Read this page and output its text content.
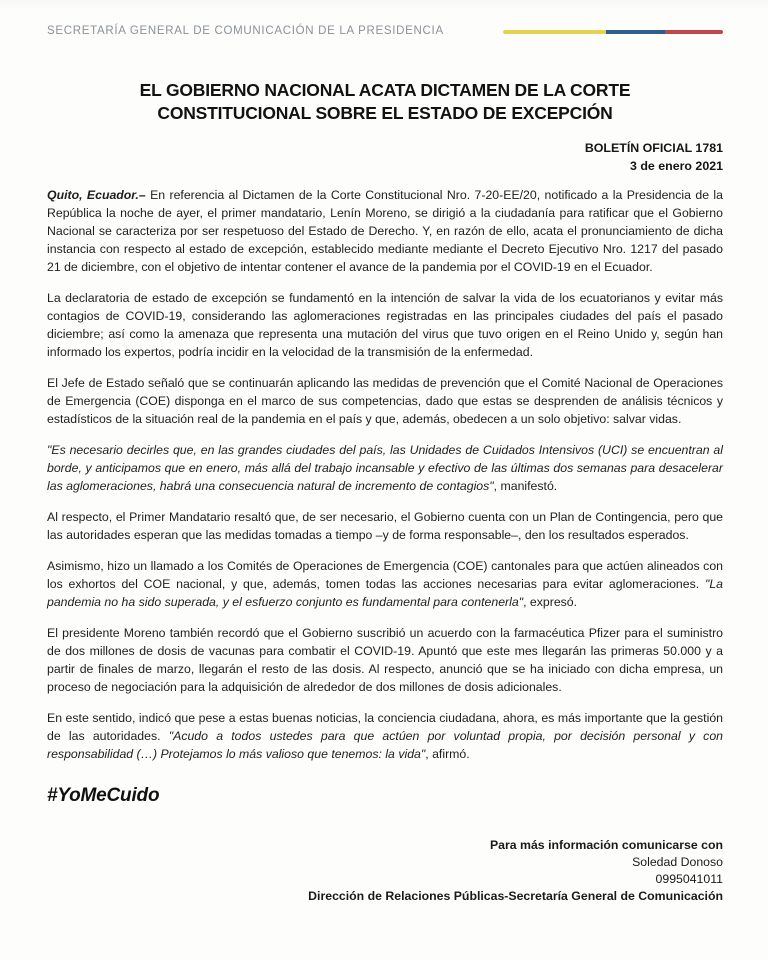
SECRETARÍA GENERAL DE COMUNICACIÓN DE LA PRESIDENCIA
EL GOBIERNO NACIONAL ACATA DICTAMEN DE LA CORTE CONSTITUCIONAL SOBRE EL ESTADO DE EXCEPCIÓN
BOLETÍN OFICIAL 1781
3 de enero 2021

Quito, Ecuador.– En referencia al Dictamen de la Corte Constitucional Nro. 7-20-EE/20, notificado a la Presidencia de la República la noche de ayer, el primer mandatario, Lenín Moreno, se dirigió a la ciudadanía para ratificar que el Gobierno Nacional se caracteriza por ser respetuoso del Estado de Derecho. Y, en razón de ello, acata el pronunciamiento de dicha instancia con respecto al estado de excepción, establecido mediante mediante el Decreto Ejecutivo Nro. 1217 del pasado 21 de diciembre, con el objetivo de intentar contener el avance de la pandemia por el COVID-19 en el Ecuador.

La declaratoria de estado de excepción se fundamentó en la intención de salvar la vida de los ecuatorianos y evitar más contagios de COVID-19, considerando las aglomeraciones registradas en las principales ciudades del país el pasado diciembre; así como la amenaza que representa una mutación del virus que tuvo origen en el Reino Unido y, según han informado los expertos, podría incidir en la velocidad de la transmisión de la enfermedad.

El Jefe de Estado señaló que se continuarán aplicando las medidas de prevención que el Comité Nacional de Operaciones de Emergencia (COE) disponga en el marco de sus competencias, dado que estas se desprenden de análisis técnicos y estadísticos de la situación real de la pandemia en el país y que, además, obedecen a un solo objetivo: salvar vidas.

"Es necesario decirles que, en las grandes ciudades del país, las Unidades de Cuidados Intensivos (UCI) se encuentran al borde, y anticipamos que en enero, más allá del trabajo incansable y efectivo de las últimas dos semanas para desacelerar las aglomeraciones, habrá una consecuencia natural de incremento de contagios", manifestó.

Al respecto, el Primer Mandatario resaltó que, de ser necesario, el Gobierno cuenta con un Plan de Contingencia, pero que las autoridades esperan que las medidas tomadas a tiempo –y de forma responsable–, den los resultados esperados.

Asimismo, hizo un llamado a los Comités de Operaciones de Emergencia (COE) cantonales para que actúen alineados con los exhortos del COE nacional, y que, además, tomen todas las acciones necesarias para evitar aglomeraciones. "La pandemia no ha sido superada, y el esfuerzo conjunto es fundamental para contenerla", expresó.

El presidente Moreno también recordó que el Gobierno suscribió un acuerdo con la farmacéutica Pfizer para el suministro de dos millones de dosis de vacunas para combatir el COVID-19. Apuntó que este mes llegarán las primeras 50.000 y a partir de finales de marzo, llegarán el resto de las dosis. Al respecto, anunció que se ha iniciado con dicha empresa, un proceso de negociación para la adquisición de alrededor de dos millones de dosis adicionales.

En este sentido, indicó que pese a estas buenas noticias, la conciencia ciudadana, ahora, es más importante que la gestión de las autoridades. "Acudo a todos ustedes para que actúen por voluntad propia, por decisión personal y con responsabilidad (…) Protejamos lo más valioso que tenemos: la vida", afirmó.

#YoMeCuido
Para más información comunicarse con
Soledad Donoso
0995041011
Dirección de Relaciones Públicas-Secretaría General de Comunicación
